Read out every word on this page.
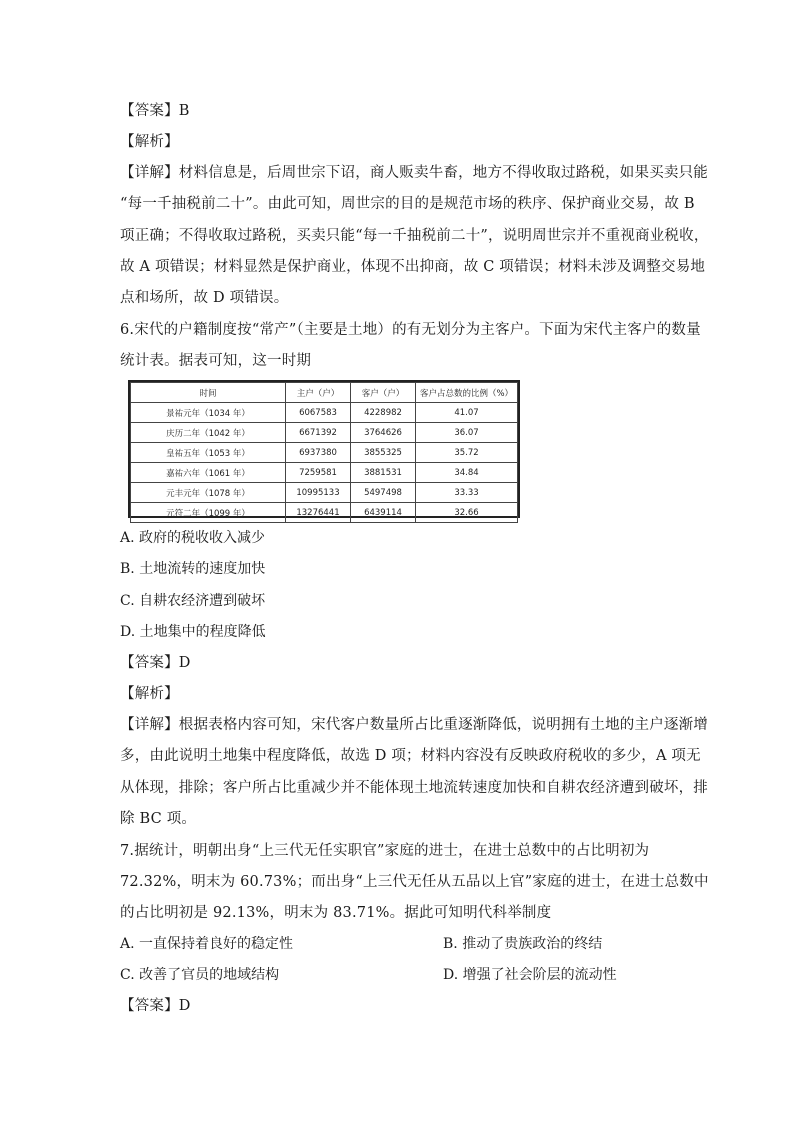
【答案】B
【解析】
【详解】材料信息是，后周世宗下诏，商人贩卖牛畜，地方不得收取过路税，如果买卖只能
“每一千抽税前二十”。由此可知，周世宗的目的是规范市场的秩序、保护商业交易，故 B
项正确；不得收取过路税，买卖只能“每一千抽税前二十”，说明周世宗并不重视商业税收，
故 A 项错误；材料显然是保护商业，体现不出抑商，故 C 项错误；材料未涉及调整交易地
点和场所，故 D 项错误。
6.宋代的户籍制度按“常产”（主要是土地）的有无划分为主客户。下面为宋代主客户的数量
统计表。据表可知，这一时期
时间	主户（户）	客户（户）	客户占总数的比例（%）
景祐元年（1034 年）	6067583	4228982	41.07
庆历二年（1042 年）	6671392	3764626	36.07
皇祐五年（1053 年）	6937380	3855325	35.72
嘉祐六年（1061 年）	7259581	3881531	34.84
元丰元年（1078 年）	10995133	5497498	33.33
元符二年（1099 年）	13276441	6439114	32.66
A. 政府的税收收入减少
B. 土地流转的速度加快
C. 自耕农经济遭到破坏
D. 土地集中的程度降低
【答案】D
【解析】
【详解】根据表格内容可知，宋代客户数量所占比重逐渐降低，说明拥有土地的主户逐渐增
多，由此说明土地集中程度降低，故选 D 项；材料内容没有反映政府税收的多少，A 项无
从体现，排除；客户所占比重减少并不能体现土地流转速度加快和自耕农经济遭到破坏，排
除 BC 项。
7.据统计，明朝出身“上三代无任实职官”家庭的进士，在进士总数中的占比明初为
72.32%，明末为 60.73%；而出身“上三代无任从五品以上官”家庭的进士，在进士总数中
的占比明初是 92.13%，明末为 83.71%。据此可知明代科举制度
A. 一直保持着良好的稳定性	B. 推动了贵族政治的终结
C. 改善了官员的地域结构	D. 增强了社会阶层的流动性
【答案】D
